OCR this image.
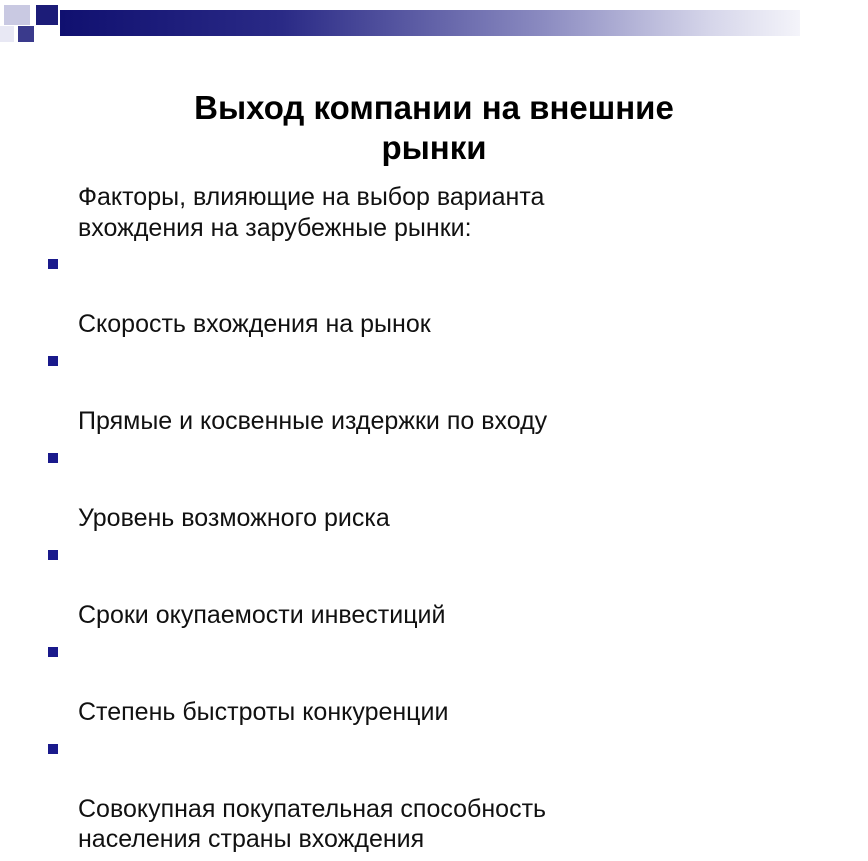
Выход компании на внешние
рынки
Факторы, влияющие на выбор варианта
вхождения на зарубежные рынки:

Скорость вхождения на рынок

Прямые и косвенные издержки по входу

Уровень возможного риска

Сроки окупаемости инвестиций

Степень быстроты конкуренции

Совокупная покупательная способность
населения страны вхождения
